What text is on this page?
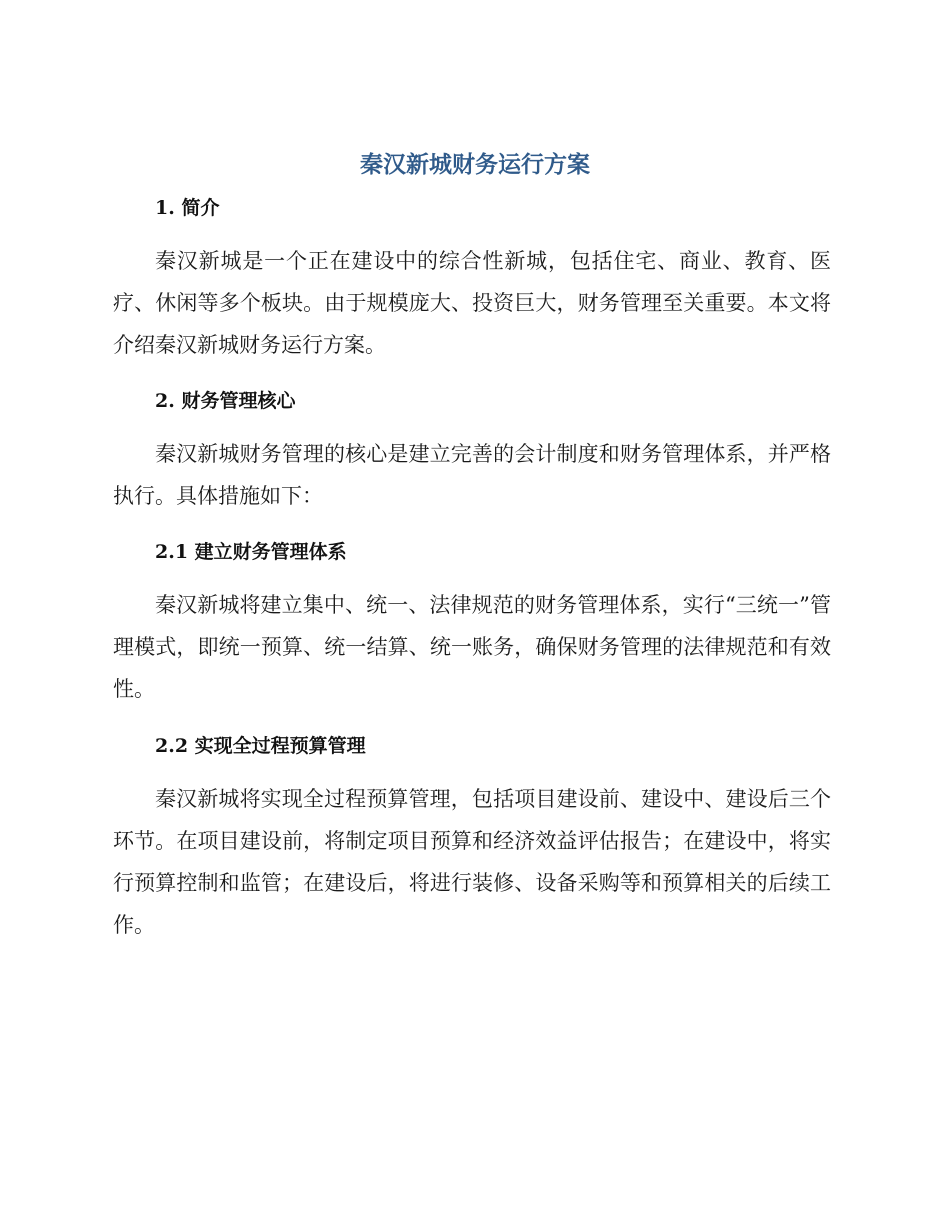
秦汉新城财务运行方案
1. 简介
秦汉新城是一个正在建设中的综合性新城，包括住宅、商业、教育、医疗、休闲等多个板块。由于规模庞大、投资巨大，财务管理至关重要。本文将介绍秦汉新城财务运行方案。
2. 财务管理核心
秦汉新城财务管理的核心是建立完善的会计制度和财务管理体系，并严格执行。具体措施如下：
2.1 建立财务管理体系
秦汉新城将建立集中、统一、法律规范的财务管理体系，实行“三统一”管理模式，即统一预算、统一结算、统一账务，确保财务管理的法律规范和有效性。
2.2 实现全过程预算管理
秦汉新城将实现全过程预算管理，包括项目建设前、建设中、建设后三个环节。在项目建设前，将制定项目预算和经济效益评估报告；在建设中，将实行预算控制和监管；在建设后，将进行装修、设备采购等和预算相关的后续工作。
